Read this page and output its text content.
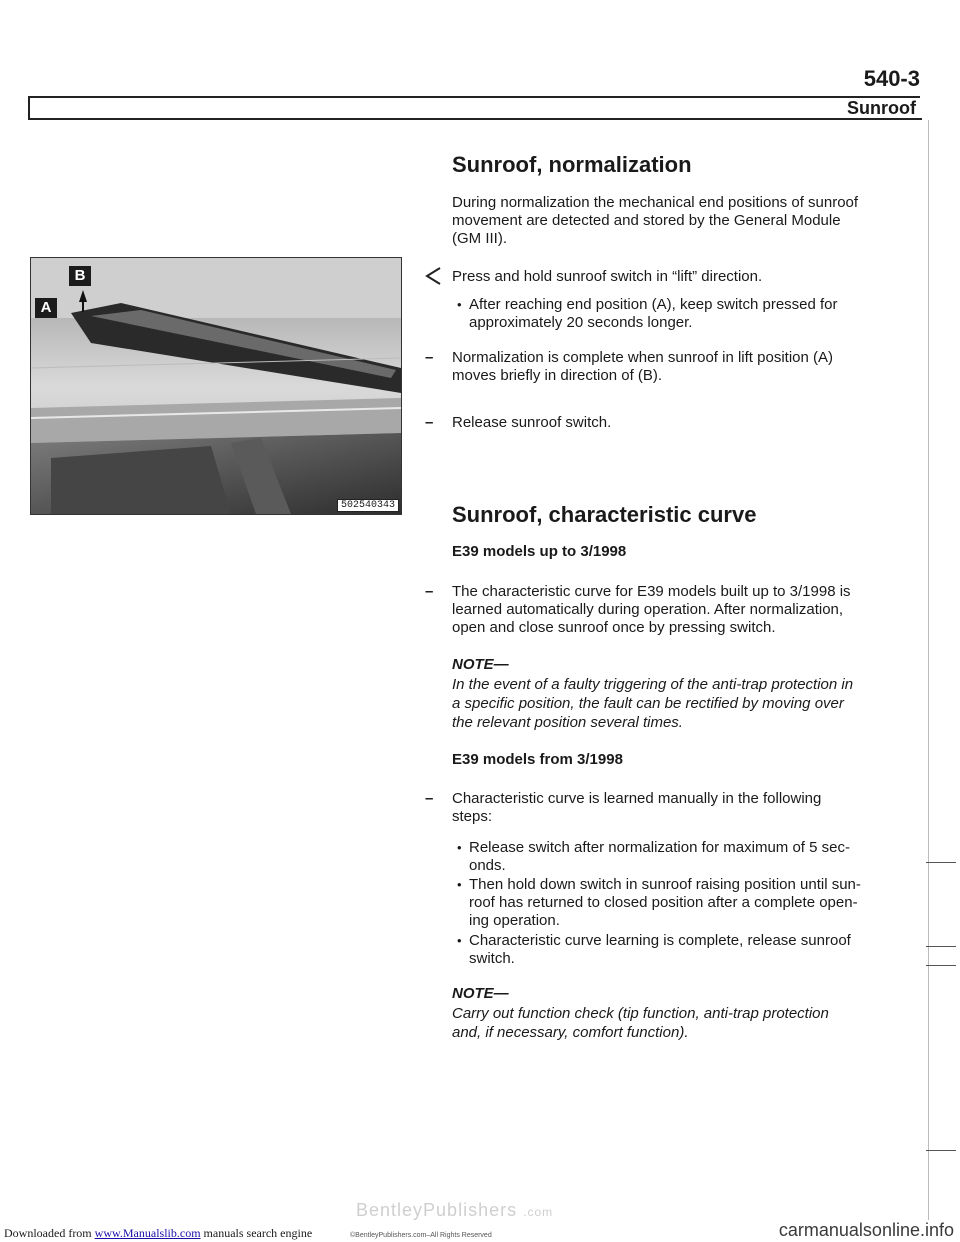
540-3
Sunroof
Sunroof, normalization
During normalization the mechanical end positions of sunroof
movement are detected and stored by the General Module
(GM III).
Press and hold sunroof switch in “lift” direction.
• After reaching end position (A), keep switch pressed for
approximately 20 seconds longer.
– Normalization is complete when sunroof in lift position (A)
moves briefly in direction of (B).
– Release sunroof switch.
B
A
502540343	Sunroof, characteristic curve
E39 models up to 3/1998
– The characteristic curve for E39 models built up to 3/1998 is
learned automatically during operation. After normalization,
open and close sunroof once by pressing switch.
NOTE—
In the event of a faulty triggering of the anti-trap protection in
a specific position, the fault can be rectified by moving over
the relevant position several times.
E39 models from 3/1998
– Characteristic curve is learned manually in the following
steps:
• Release switch after normalization for maximum of 5 sec-
onds.
• Then hold down switch in sunroof raising position until sun-
roof has returned to closed position after a complete open-
ing operation.
• Characteristic curve learning is complete, release sunroof
switch.
NOTE—
Carry out function check (tip function, anti-trap protection
and, if necessary, comfort function).
Downloaded from www.Manualslib.com manuals search engine
BentleyPublishers .com
©BentleyPublishers.com–All Rights Reserved	carmanualsonline.info
